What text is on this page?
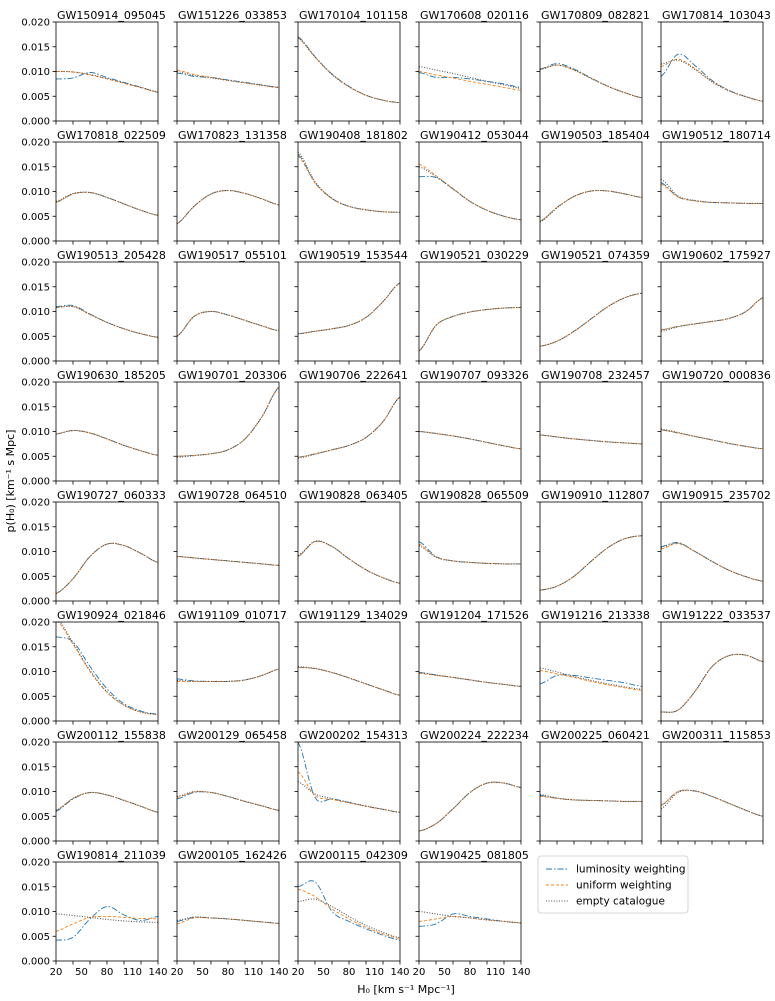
GW150914_095045
0.000
0.005
0.010
0.015
0.020
GW151226_033853 GW170104_101158 GW170608_020116 GW170809_082821 GW170814_103043
GW170818_022509
0.000
0.005
0.010
0.015
0.020
GW170823_131358 GW190408_181802 GW190412_053044 GW190503_185404 GW190512_180714
GW190513_205428
0.000
0.005
0.010
0.015
0.020
GW190517_055101 GW190519_153544 GW190521_030229 GW190521_074359 GW190602_175927
GW190630_185205
0.000
0.005
0.010
0.015
0.020
GW190701_203306 GW190706_222641 GW190707_093326 GW190708_232457 GW190720_000836
GW190727_060333
0.000
0.005
0.010
0.015
0.020
GW190728_064510 GW190828_063405 GW190828_065509 GW190910_112807 GW190915_235702
GW190924_021846
0.000
0.005
0.010
0.015
0.020
GW191109_010717 GW191129_134029 GW191204_171526 GW191216_213338 GW191222_033537
GW200112_155838
0.000
0.005
0.010
0.015
0.020
GW200129_065458 GW200202_154313 GW200224_222234 GW200225_060421 GW200311_115853
GW190814_211039
0.000
0.005
0.010
0.015
0.020
GW200105_162426 GW200115_042309 GW190425_081805
20 50 80 110 140 20 50 80 110 140 20 50 80 110 140 20 50 80 110 140
p(H₀) [km⁻¹ s Mpc]
H₀ [km s⁻¹ Mpc⁻¹]
luminosity weighting
uniform weighting
empty catalogue
